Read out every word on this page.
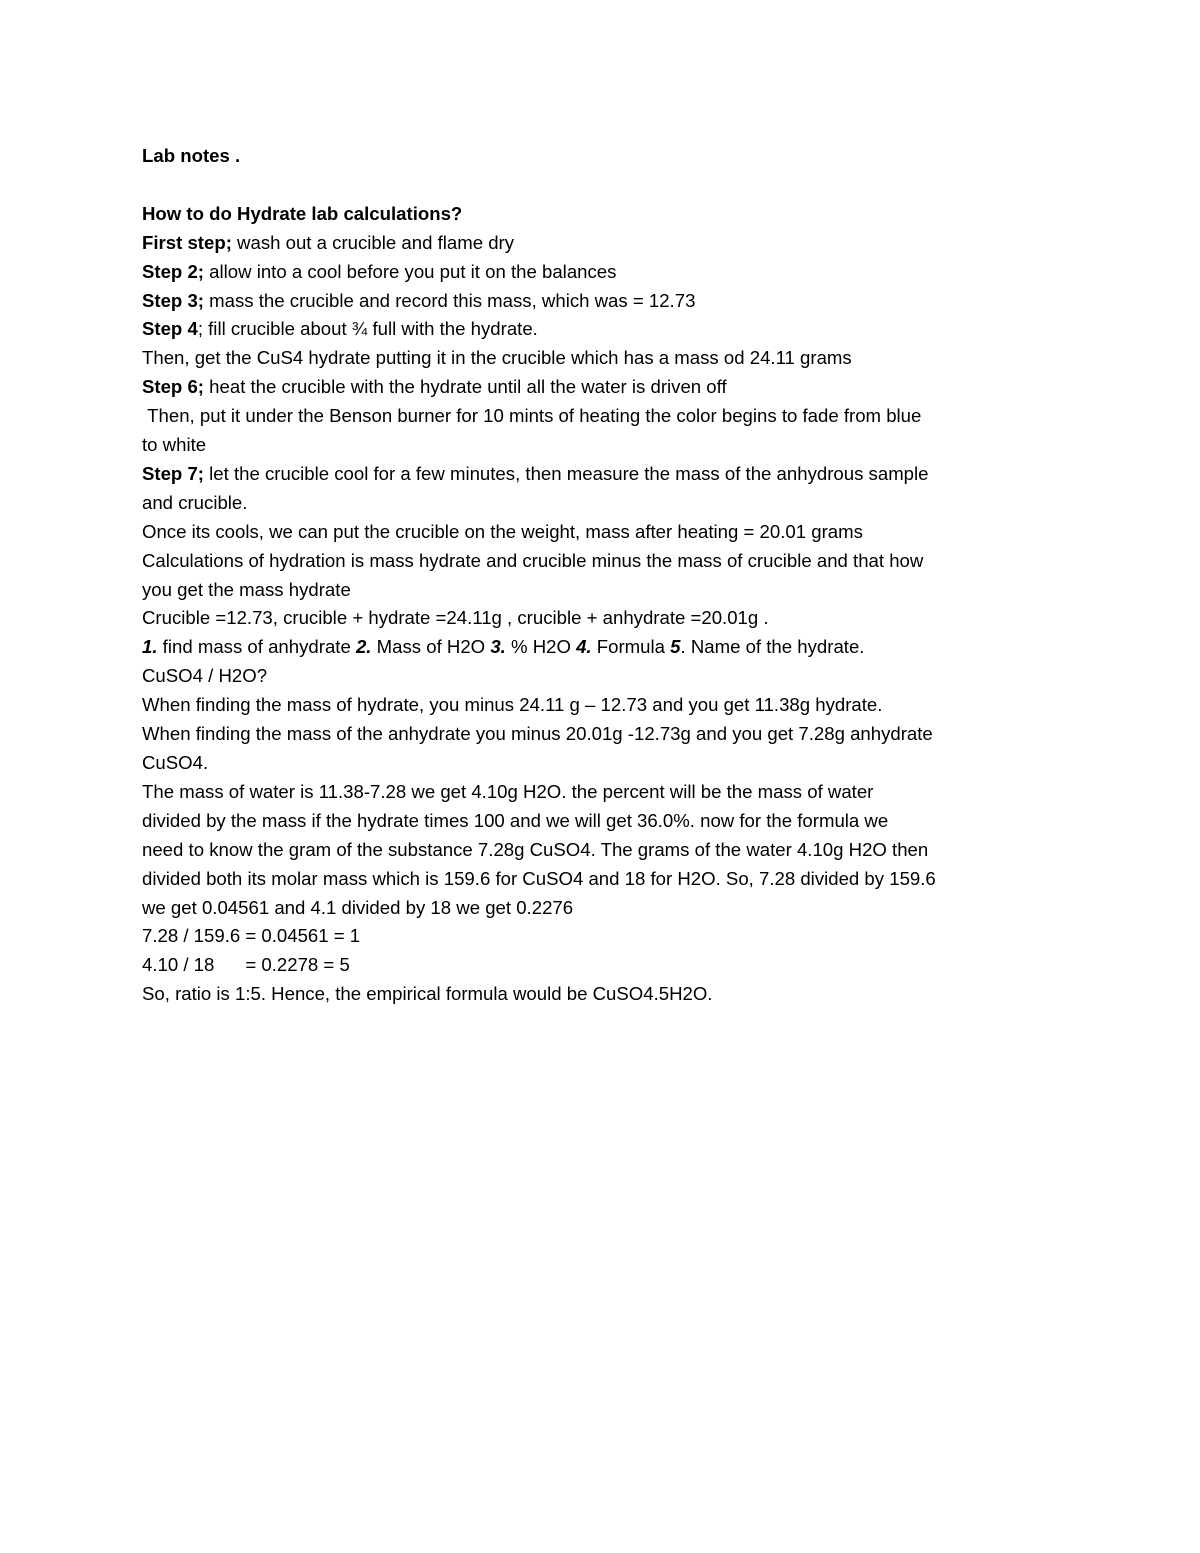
Lab notes .

How to do Hydrate lab calculations?

First step; wash out a crucible and flame dry

Step 2; allow into a cool before you put it on the balances

Step 3; mass the crucible and record this mass, which was = 12.73

Step 4; fill crucible about ¾ full with the hydrate.

Then, get the CuS4 hydrate putting it in the crucible which has a mass od 24.11 grams

Step 6; heat the crucible with the hydrate until all the water is driven off

Then, put it under the Benson burner for 10 mints of heating the color begins to fade from blue

to white

Step 7; let the crucible cool for a few minutes, then measure the mass of the anhydrous sample

and crucible.

Once its cools, we can put the crucible on the weight, mass after heating = 20.01 grams

Calculations of hydration is mass hydrate and crucible minus the mass of crucible and that how

you get the mass hydrate

Crucible =12.73, crucible + hydrate =24.11g , crucible + anhydrate =20.01g .

1. find mass of anhydrate 2. Mass of H2O 3. % H2O 4. Formula 5. Name of the hydrate.

CuSO4 / H2O?

When finding the mass of hydrate, you minus 24.11 g – 12.73 and you get 11.38g hydrate.

When finding the mass of the anhydrate you minus 20.01g -12.73g and you get 7.28g anhydrate

CuSO4.

The mass of water is 11.38-7.28 we get 4.10g H2O. the percent will be the mass of water

divided by the mass if the hydrate times 100 and we will get 36.0%. now for the formula we

need to know the gram of the substance 7.28g CuSO4. The grams of the water 4.10g H2O then

divided both its molar mass which is 159.6 for CuSO4 and 18 for H2O. So, 7.28 divided by 159.6

we get 0.04561 and 4.1 divided by 18 we get 0.2276

7.28 / 159.6 = 0.04561 = 1

4.10 / 18      = 0.2278 = 5

So, ratio is 1:5. Hence, the empirical formula would be CuSO4.5H2O.
